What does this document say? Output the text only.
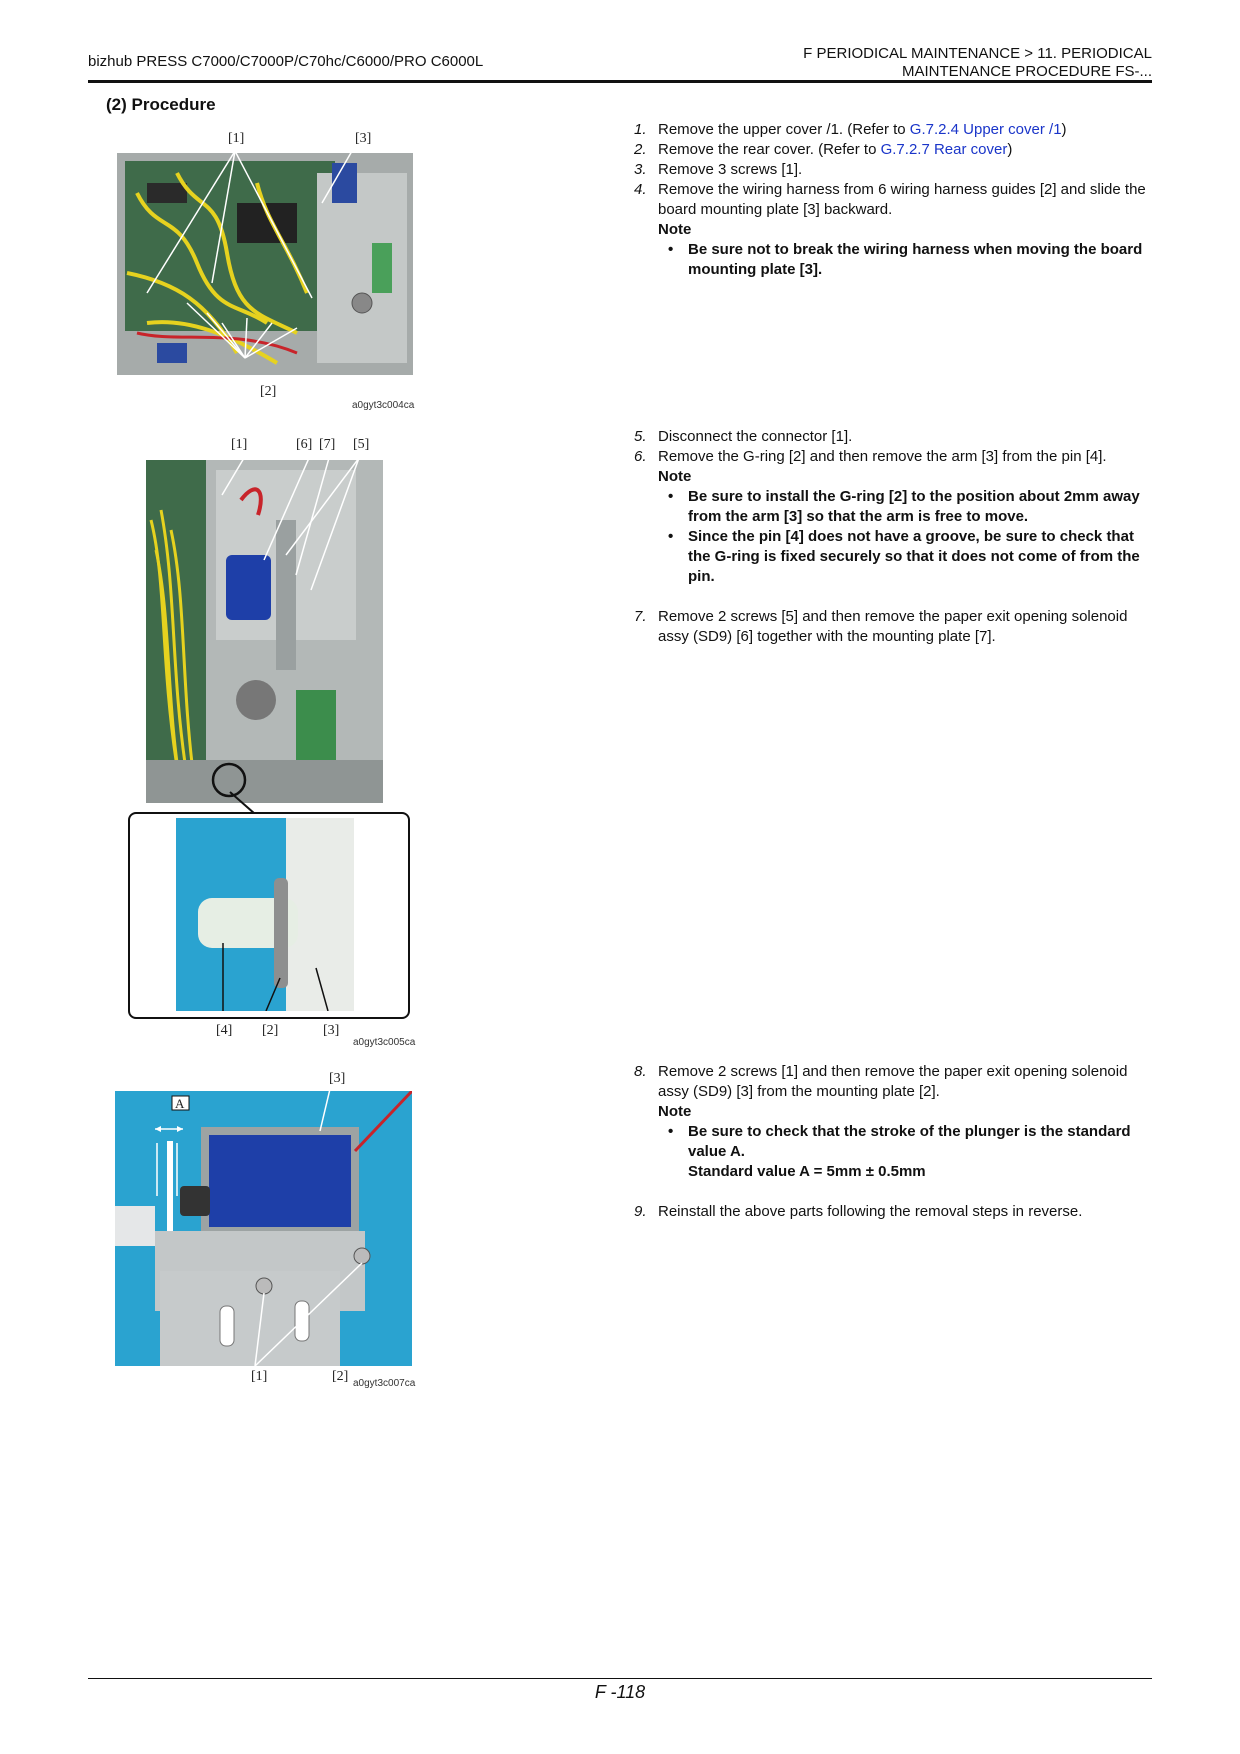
bizhub PRESS C7000/C7000P/C70hc/C6000/PRO C6000L	F PERIODICAL MAINTENANCE > 11. PERIODICAL
MAINTENANCE PROCEDURE FS-...
(2) Procedure
[1]	[3]
[2]
a0gyt3c004ca
[1]	[6] [7] [5]
[4] [2]	[3]
a0gyt3c005ca
[3]
A
[1]	[2] a0gyt3c007ca
1. Remove the upper cover /1. (Refer to G.7.2.4 Upper cover /1)
2. Remove the rear cover. (Refer to G.7.2.7 Rear cover)
3. Remove 3 screws [1].
4. Remove the wiring harness from 6 wiring harness guides [2] and slide the board mounting plate [3] backward.
Note
• Be sure not to break the wiring harness when moving the board mounting plate [3].
5. Disconnect the connector [1].
6. Remove the G-ring [2] and then remove the arm [3] from the pin [4].
Note
• Be sure to install the G-ring [2] to the position about 2mm away from the arm [3] so that the arm is free to move.
• Since the pin [4] does not have a groove, be sure to check that the G-ring is fixed securely so that it does not come of from the pin.
7. Remove 2 screws [5] and then remove the paper exit opening solenoid assy (SD9) [6] together with the mounting plate [7].
8. Remove 2 screws [1] and then remove the paper exit opening solenoid assy (SD9) [3] from the mounting plate [2].
Note
• Be sure to check that the stroke of the plunger is the standard value A.
Standard value A = 5mm ± 0.5mm
9. Reinstall the above parts following the removal steps in reverse.
F -118
